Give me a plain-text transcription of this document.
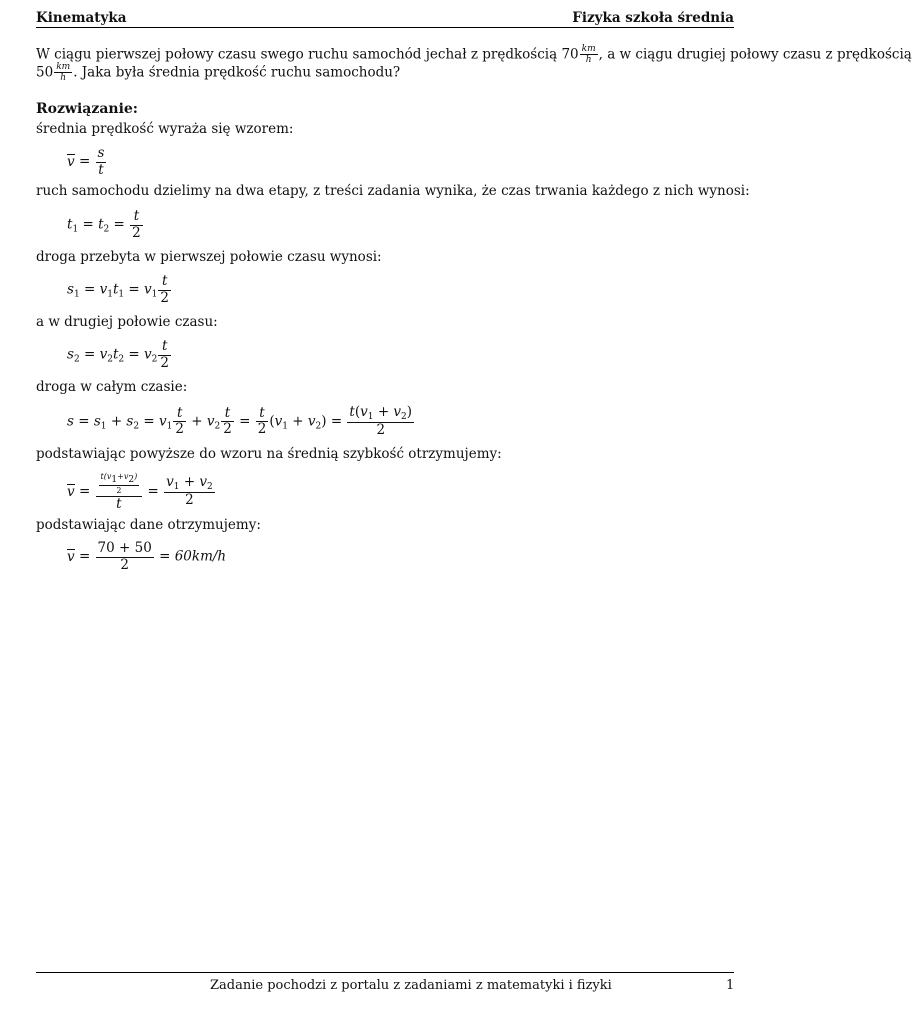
Kinematyka	Fizyka szkoła średnia
W ciągu pierwszej połowy czasu swego ruchu samochód jechał z prędkością $70 \frac{km}{h}$ , a w ciągu drugiej połowy czasu z prędkością
$50 \frac{km}{h}$ . Jaka była średnia prędkość ruchu samochodu?
Rozwiązanie:
średnia prędkość wyraża się wzorem:
$v = \frac{s}{t}$
ruch samochodu dzielimy na dwa etapy, z treści zadania wynika, że czas trwania każdego z nich wynosi:
$t_1 = t_2 = \frac{t}{2}$
droga przebyta w pierwszej połowie czasu wynosi:
$s_1 = v_1t_1 = v_1 \frac{t}{2}$
a w drugiej połowie czasu:
$s_2 = v_2t_2 = v_2 \frac{t}{2}$
droga w całym czasie:
$s = s_1 + s_2 = v_1 \frac{t}{2} + v_2 \frac{t}{2} = \frac{t}{2} (v_1 + v_2) = \frac{t(v_1 + v_2)}{2}$
podstawiając powyższe do wzoru na średnią szybkość otrzymujemy:
$v = \frac{\frac{t(v_1+v_2)}{2}}{t} = \frac{v_1 + v_2}{2}$
podstawiając dane otrzymujemy:
$v = \frac{70 + 50}{2} = 60km/h$
Zadanie pochodzi z portalu z zadaniami z matematyki i fizyki	1
